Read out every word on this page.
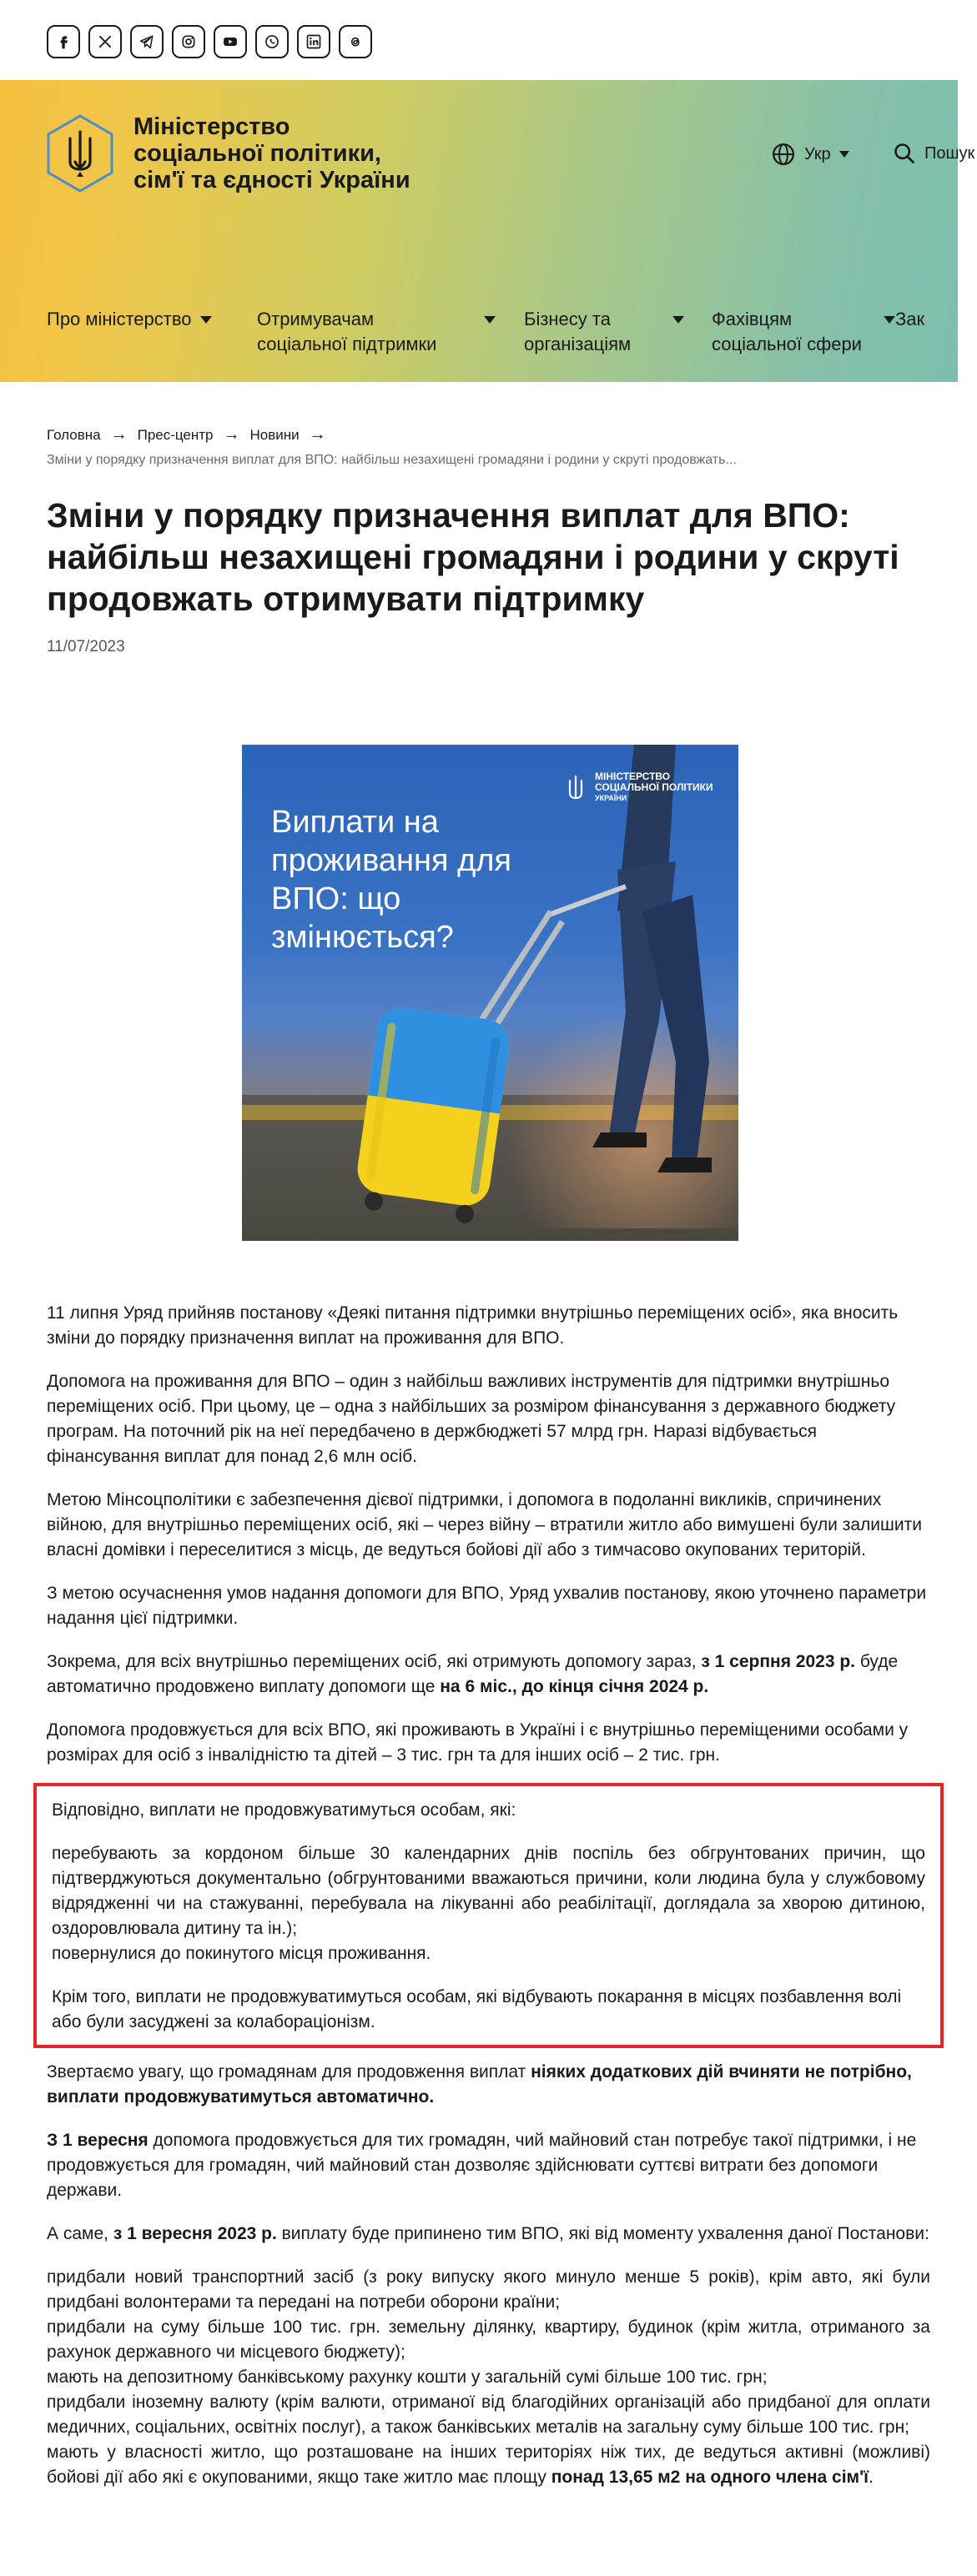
Міністерство
соціальної політики,
сім'ї та єдності України
Укр	Пошук
Про міністерство	Отримувачам
соціальної підтримки
Бізнесу та
організаціям
Фахівцям
соціальної сфери
Зак
Головна → Прес-центр → Новини →
Зміни у порядку призначення виплат для ВПО: найбільш незахищені громадяни і родини у скруті продовжать...
Зміни у порядку призначення виплат для ВПО: найбільш незахищені громадяни і родини у скруті продовжать отримувати підтримку
11/07/2023
МІНІСТЕРСТВО
СОЦІАЛЬНОЇ ПОЛІТИКИ
УКРАЇНИ
Виплати на проживання для ВПО: що змінюється?

11 липня Уряд прийняв постанову «Деякі питання підтримки внутрішньо переміщених осіб», яка вносить зміни до порядку призначення виплат на проживання для ВПО.

Допомога на проживання для ВПО – один з найбільш важливих інструментів для підтримки внутрішньо переміщених осіб. При цьому, це – одна з найбільших за розміром фінансування з державного бюджету програм. На поточний рік на неї передбачено в держбюджеті 57 млрд грн. Наразі відбувається фінансування виплат для понад 2,6 млн осіб.

Метою Мінсоцполітики є забезпечення дієвої підтримки, і допомога в подоланні викликів, спричинених війною, для внутрішньо переміщених осіб, які – через війну – втратили житло або вимушені були залишити власні домівки і переселитися з місць, де ведуться бойові дії або з тимчасово окупованих територій.

З метою осучаснення умов надання допомоги для ВПО, Уряд ухвалив постанову, якою уточнено параметри надання цієї підтримки.

Зокрема, для всіх внутрішньо переміщених осіб, які отримують допомогу зараз, з 1 серпня 2023 р. буде автоматично продовжено виплату допомоги ще на 6 міс., до кінця січня 2024 р.

Допомога продовжується для всіх ВПО, які проживають в Україні і є внутрішньо переміщеними особами у розмірах для осіб з інвалідністю та дітей – 3 тис. грн та для інших осіб – 2 тис. грн.

Відповідно, виплати не продовжуватимуться особам, які:

перебувають за кордоном більше 30 календарних днів поспіль без обгрунтованих причин, що підтверджуються документально (обгрунтованими вважаються причини, коли людина була у службовому відрядженні чи на стажуванні, перебувала на лікуванні або реабілітації, доглядала за хворою дитиною, оздоровлювала дитину та ін.);

повернулися до покинутого місця проживання.

Крім того, виплати не продовжуватимуться особам, які відбувають покарання в місцях позбавлення волі або були засуджені за колабораціонізм.

Звертаємо увагу, що громадянам для продовження виплат ніяких додаткових дій вчиняти не потрібно, виплати продовжуватимуться автоматично.

З 1 вересня допомога продовжується для тих громадян, чий майновий стан потребує такої підтримки, і не продовжується для громадян, чий майновий стан дозволяє здійснювати суттєві витрати без допомоги держави.

А саме, з 1 вересня 2023 р. виплату буде припинено тим ВПО, які від моменту ухвалення даної Постанови:

придбали новий транспортний засіб (з року випуску якого минуло менше 5 років), крім авто, які були придбані волонтерами та передані на потреби оборони країни;

придбали на суму більше 100 тис. грн. земельну ділянку, квартиру, будинок (крім житла, отриманого за рахунок державного чи місцевого бюджету);

мають на депозитному банківському рахунку кошти у загальній сумі більше 100 тис. грн;

придбали іноземну валюту (крім валюти, отриманої від благодійних організацій або придбаної для оплати медичних, соціальних, освітніх послуг), а також банківських металів на загальну суму більше 100 тис. грн;

мають у власності житло, що розташоване на інших територіях ніж тих, де ведуться активні (можливі) бойові дії або які є окупованими, якщо таке житло має площу понад 13,65 м2 на одного члена сім'ї.
